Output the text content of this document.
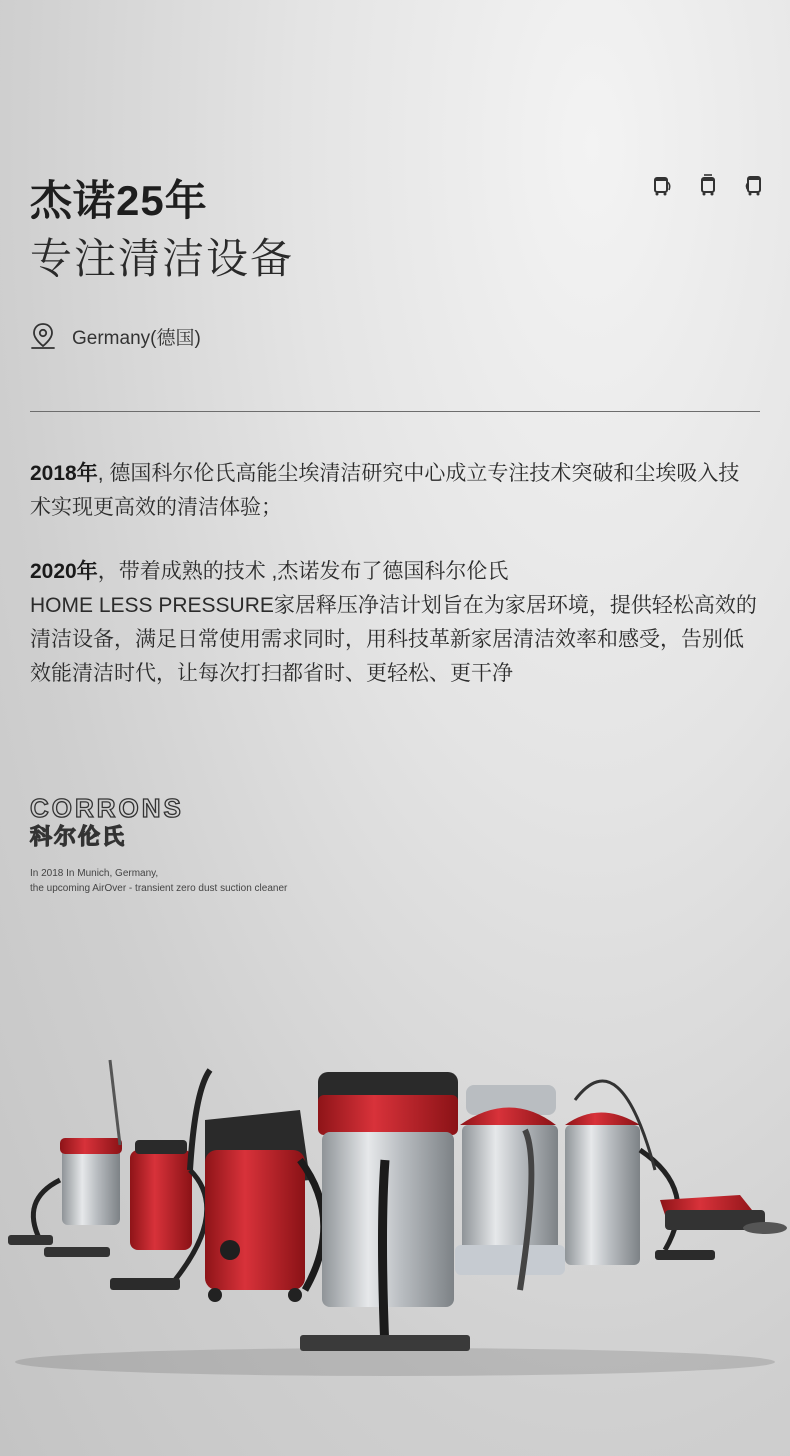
杰诺25年
专注清洁设备
Germany(德国)
2018年, 德国科尔伦氏高能尘埃清洁研究中心成立专注技术突破和尘埃吸入技术实现更高效的清洁体验；
2020年，带着成熟的技术 ,杰诺发布了德国科尔伦氏
HOME LESS PRESSURE家居释压净洁计划旨在为家居环境，提供轻松高效的清洁设备，满足日常使用需求同时，用科技革新家居清洁效率和感受，告别低效能清洁时代，让每次打扫都省时、更轻松、更干净
CORRONS
科尔伦氏
In 2018 In Munich, Germany,
the upcoming AirOver - transient zero dust suction cleaner
